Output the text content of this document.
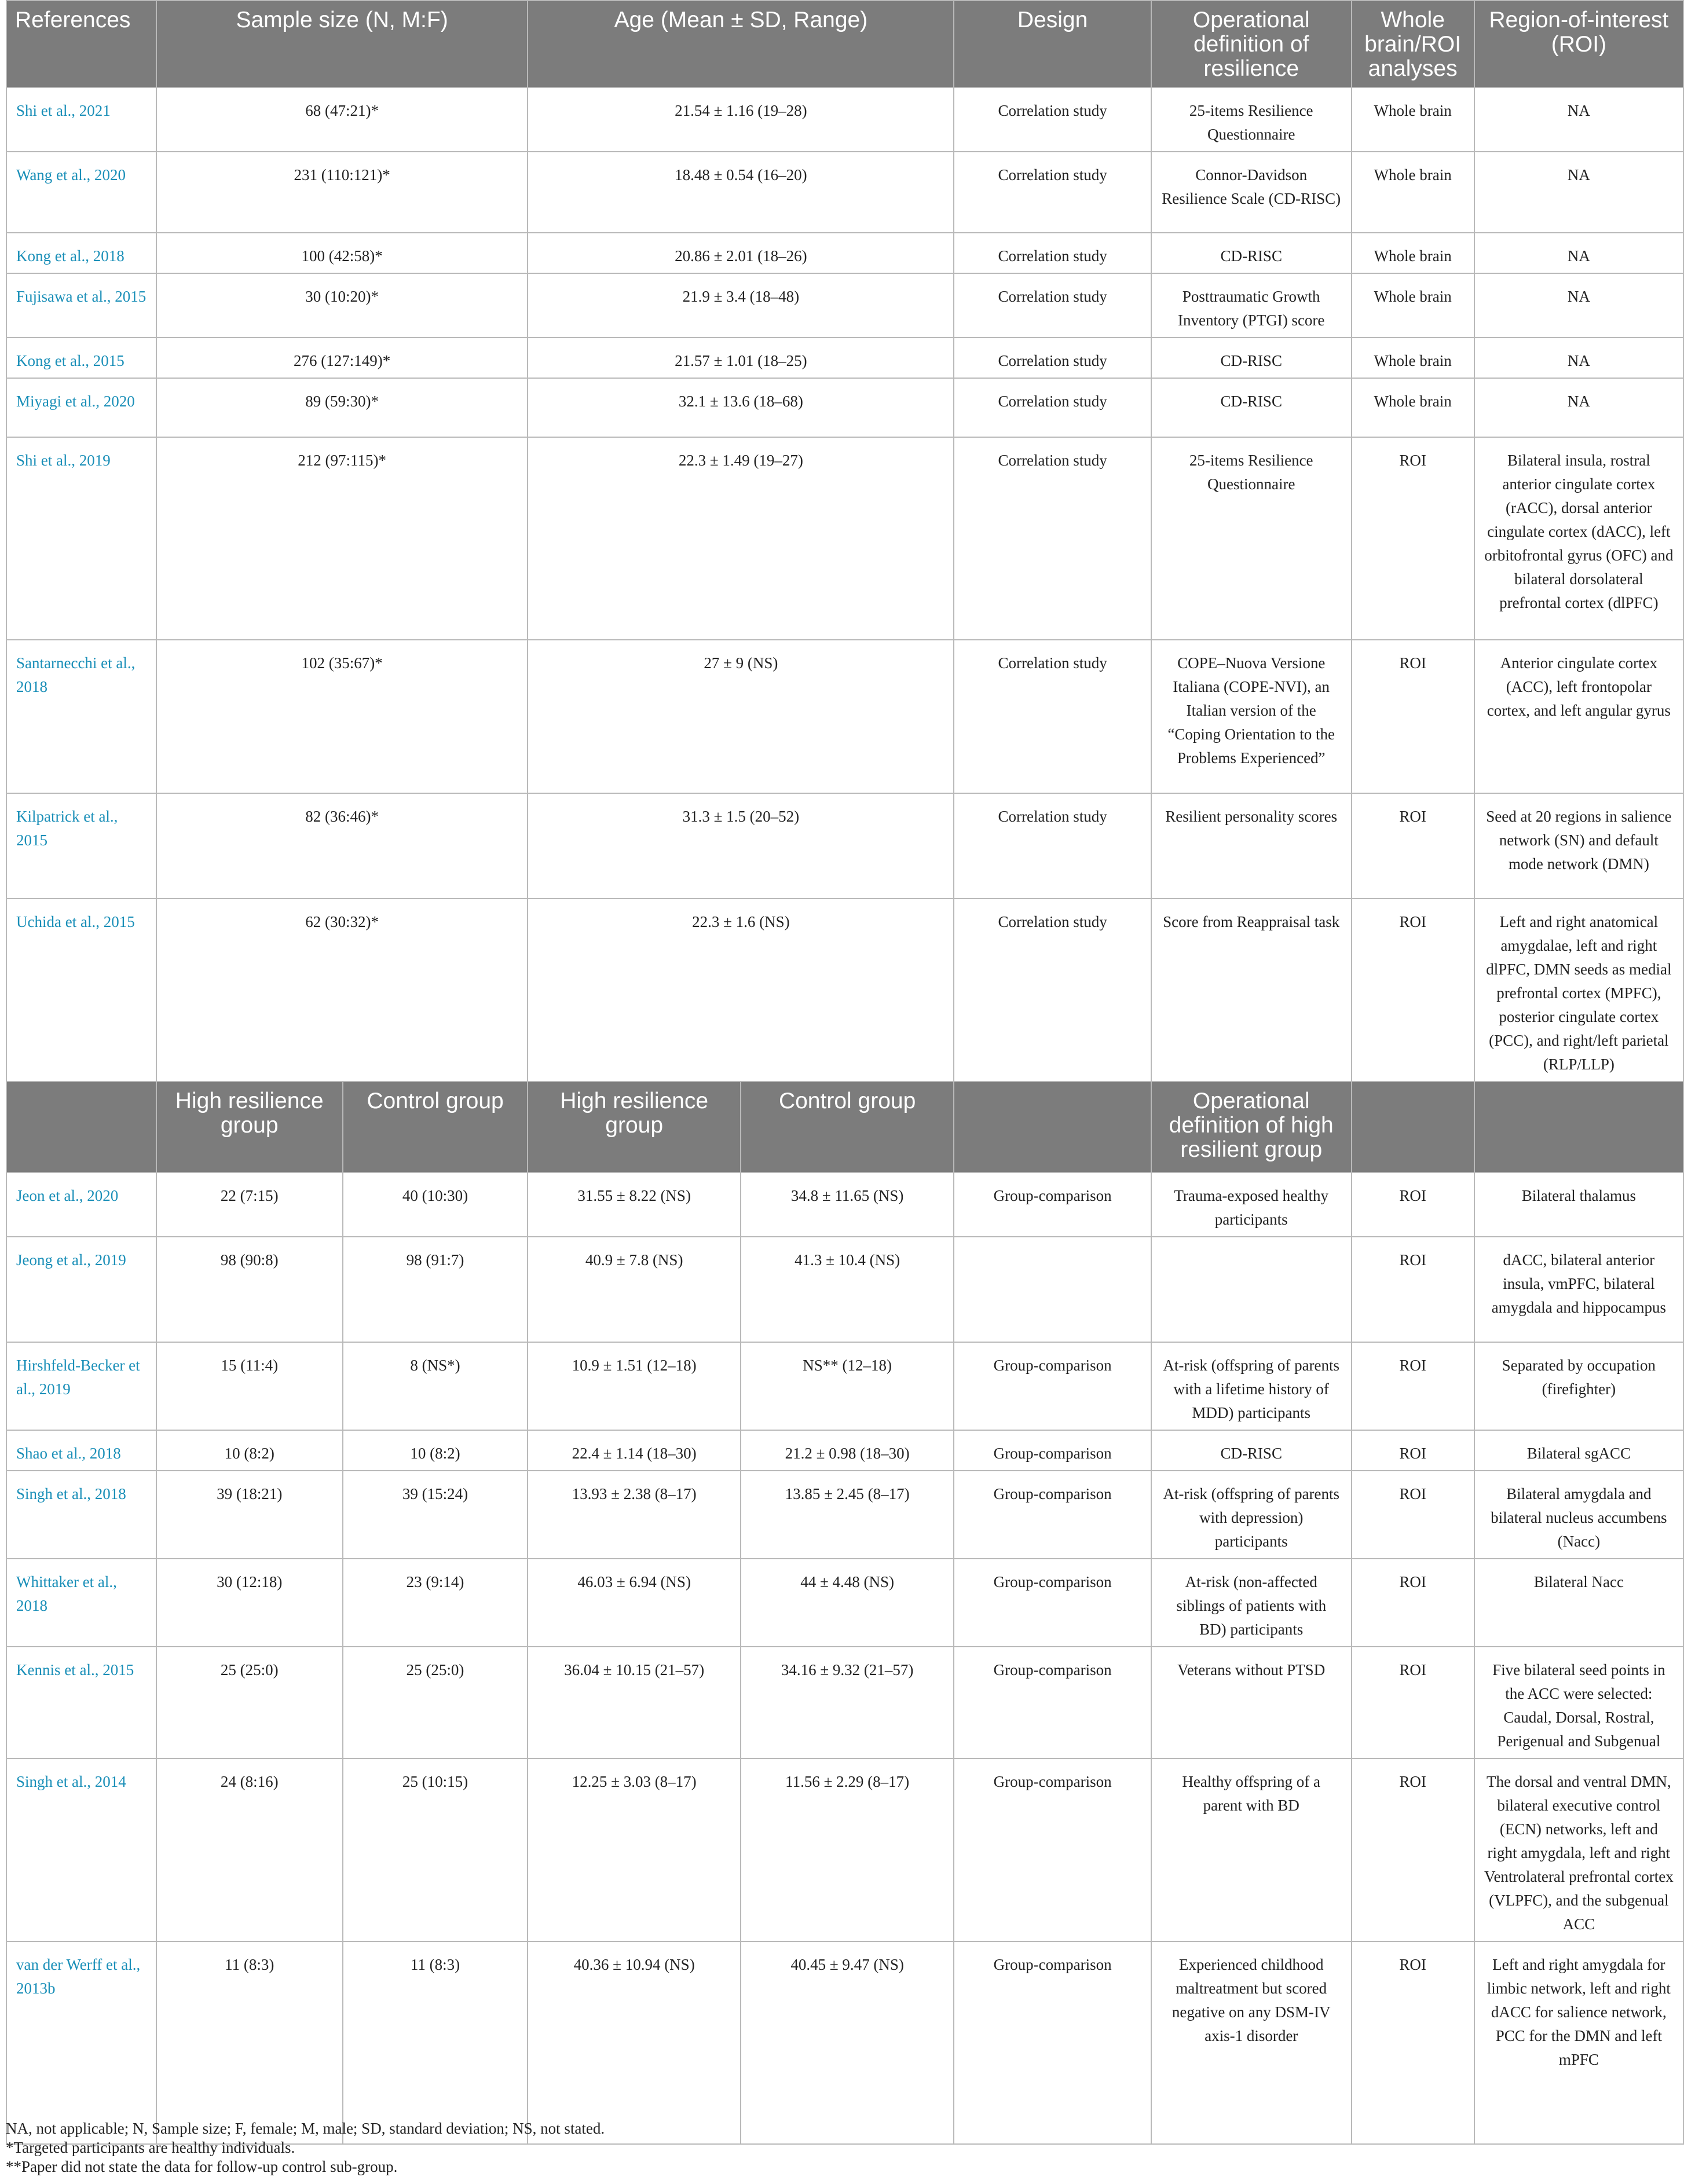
References	Sample size (N, M:F)		Age (Mean ± SD, Range)		Design	Operational definition of resilience	Whole brain/ROI analyses	Region-of-interest (ROI)
Shi et al., 2021	68 (47:21)*		21.54 ± 1.16 (19–28)		Correlation study	25-items Resilience Questionnaire	Whole brain	NA
Wang et al., 2020	231 (110:121)*		18.48 ± 0.54 (16–20)		Correlation study	Connor-Davidson Resilience Scale (CD-RISC)	Whole brain	NA
Kong et al., 2018	100 (42:58)*		20.86 ± 2.01 (18–26)		Correlation study	CD-RISC	Whole brain	NA
Fujisawa et al., 2015	30 (10:20)*		21.9 ± 3.4 (18–48)		Correlation study	Posttraumatic Growth Inventory (PTGI) score	Whole brain	NA
Kong et al., 2015	276 (127:149)*		21.57 ± 1.01 (18–25)		Correlation study	CD-RISC	Whole brain	NA
Miyagi et al., 2020	89 (59:30)*		32.1 ± 13.6 (18–68)		Correlation study	CD-RISC	Whole brain	NA
Shi et al., 2019	212 (97:115)*		22.3 ± 1.49 (19–27)		Correlation study	25-items Resilience Questionnaire	ROI	Bilateral insula, rostral anterior cingulate cortex (rACC), dorsal anterior cingulate cortex (dACC), left orbitofrontal gyrus (OFC) and bilateral dorsolateral prefrontal cortex (dlPFC)
Santarnecchi et al., 2018	102 (35:67)*		27 ± 9 (NS)		Correlation study	COPE–Nuova Versione Italiana (COPE-NVI), an Italian version of the “Coping Orientation to the Problems Experienced”	ROI	Anterior cingulate cortex (ACC), left frontopolar cortex, and left angular gyrus
Kilpatrick et al., 2015	82 (36:46)*		31.3 ± 1.5 (20–52)		Correlation study	Resilient personality scores	ROI	Seed at 20 regions in salience network (SN) and default mode network (DMN)
Uchida et al., 2015	62 (30:32)*		22.3 ± 1.6 (NS)		Correlation study	Score from Reappraisal task	ROI	Left and right anatomical amygdalae, left and right dlPFC, DMN seeds as medial prefrontal cortex (MPFC), posterior cingulate cortex (PCC), and right/left parietal (RLP/LLP)
	High resilience group	Control group	High resilience group	Control group		Operational definition of high resilient group		
Jeon et al., 2020	22 (7:15)	40 (10:30)	31.55 ± 8.22 (NS)	34.8 ± 11.65 (NS)	Group-comparison	Trauma-exposed healthy participants	ROI	Bilateral thalamus
Jeong et al., 2019	98 (90:8)	98 (91:7)	40.9 ± 7.8 (NS)	41.3 ± 10.4 (NS)			ROI	dACC, bilateral anterior insula, vmPFC, bilateral amygdala and hippocampus
Hirshfeld-Becker et al., 2019	15 (11:4)	8 (NS*)	10.9 ± 1.51 (12–18)	NS** (12–18)	Group-comparison	At-risk (offspring of parents with a lifetime history of MDD) participants	ROI	Separated by occupation (firefighter)
Shao et al., 2018	10 (8:2)	10 (8:2)	22.4 ± 1.14 (18–30)	21.2 ± 0.98 (18–30)	Group-comparison	CD-RISC	ROI	Bilateral sgACC
Singh et al., 2018	39 (18:21)	39 (15:24)	13.93 ± 2.38 (8–17)	13.85 ± 2.45 (8–17)	Group-comparison	At-risk (offspring of parents with depression) participants	ROI	Bilateral amygdala and bilateral nucleus accumbens (Nacc)
Whittaker et al., 2018	30 (12:18)	23 (9:14)	46.03 ± 6.94 (NS)	44 ± 4.48 (NS)	Group-comparison	At-risk (non-affected siblings of patients with BD) participants	ROI	Bilateral Nacc
Kennis et al., 2015	25 (25:0)	25 (25:0)	36.04 ± 10.15 (21–57)	34.16 ± 9.32 (21–57)	Group-comparison	Veterans without PTSD	ROI	Five bilateral seed points in the ACC were selected: Caudal, Dorsal, Rostral, Perigenual and Subgenual
Singh et al., 2014	24 (8:16)	25 (10:15)	12.25 ± 3.03 (8–17)	11.56 ± 2.29 (8–17)	Group-comparison	Healthy offspring of a parent with BD	ROI	The dorsal and ventral DMN, bilateral executive control (ECN) networks, left and right amygdala, left and right Ventrolateral prefrontal cortex (VLPFC), and the subgenual ACC
van der Werff et al., 2013b	11 (8:3)	11 (8:3)	40.36 ± 10.94 (NS)	40.45 ± 9.47 (NS)	Group-comparison	Experienced childhood maltreatment but scored negative on any DSM-IV axis-1 disorder	ROI	Left and right amygdala for limbic network, left and right dACC for salience network, PCC for the DMN and left mPFC
NA, not applicable; N, Sample size; F, female; M, male; SD, standard deviation; NS, not stated.
*Targeted participants are healthy individuals.
**Paper did not state the data for follow-up control sub-group.
